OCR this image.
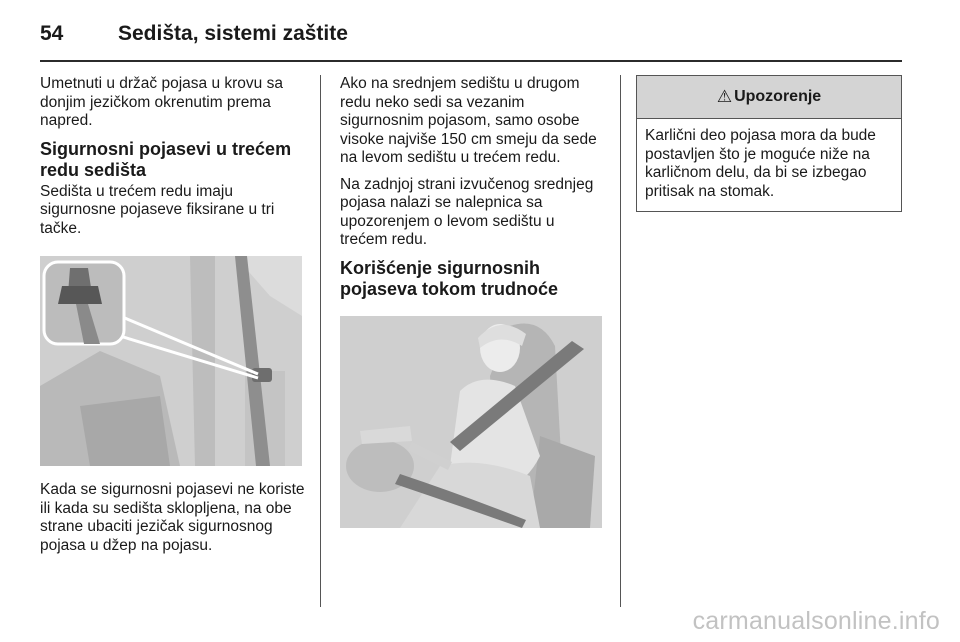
54	Sedišta, sistemi zaštite

Umetnuti u držač pojasa u krovu sa donjim jezičkom okrenutim prema napred.

Sigurnosni pojasevi u trećem redu sedišta

Sedišta u trećem redu imaju sigurnosne pojaseve fiksirane u tri tačke.

Kada se sigurnosni pojasevi ne koriste ili kada su sedišta sklopljena, na obe strane ubaciti jezičak sigurnosnog pojasa u džep na pojasu.

Ako na srednjem sedištu u drugom redu neko sedi sa vezanim sigurnosnim pojasom, samo osobe visoke najviše 150 cm smeju da sede na levom sedištu u trećem redu.

Na zadnjoj strani izvučenog srednjeg pojasa nalazi se nalepnica sa upozorenjem o levom sedištu u trećem redu.

Korišćenje sigurnosnih pojaseva tokom trudnoće
⚠ Upozorenje

Karlični deo pojasa mora da bude postavljen što je moguće niže na karličnom delu, da bi se izbegao pritisak na stomak.

carmanualsonline.info
